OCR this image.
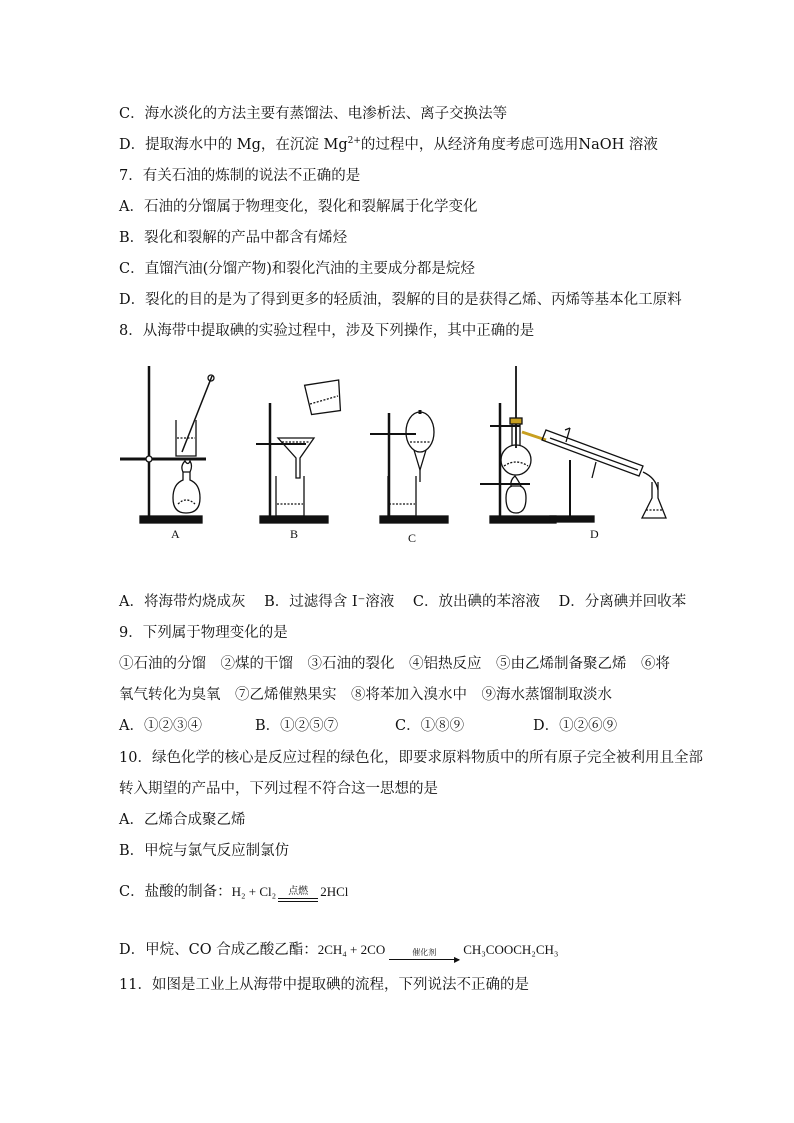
C．海水淡化的方法主要有蒸馏法、电渗析法、离子交换法等
D．提取海水中的 Mg，在沉淀 $Mg^{2+}$的过程中，从经济角度考虑可选用NaOH 溶液
7．有关石油的炼制的说法不正确的是
A．石油的分馏属于物理变化，裂化和裂解属于化学变化
B．裂化和裂解的产品中都含有烯烃
C．直馏汽油(分馏产物)和裂化汽油的主要成分都是烷烃
D．裂化的目的是为了得到更多的轻质油，裂解的目的是获得乙烯、丙烯等基本化工原料
8．从海带中提取碘的实验过程中，涉及下列操作，其中正确的是
A	B	C	D
A．将海带灼烧成灰 B．过滤得含 I⁻溶液 C．放出碘的苯溶液 D．分离碘并回收苯
9．下列属于物理变化的是
①石油的分馏　②煤的干馏　③石油的裂化　④铝热反应　⑤由乙烯制备聚乙烯　⑥将
氧气转化为臭氧　⑦乙烯催熟果实　⑧将苯加入溴水中　⑨海水蒸馏制取淡水
A．①②③④	B．①②⑤⑦	C．①⑧⑨	D．①②⑥⑨
10．绿色化学的核心是反应过程的绿色化，即要求原料物质中的所有原子完全被利用且全部
转入期望的产品中，下列过程不符合这一思想的是
A．乙烯合成聚乙烯
B．甲烷与氯气反应制氯仿
C．盐酸的制备：H₂ + Cl₂	点燃 2HCl
D．甲烷、CO 合成乙酸乙酯：2CH₄ + 2CO	催化剂
▶
CH₃COOCH₂CH₃
11．如图是工业上从海带中提取碘的流程，下列说法不正确的是
